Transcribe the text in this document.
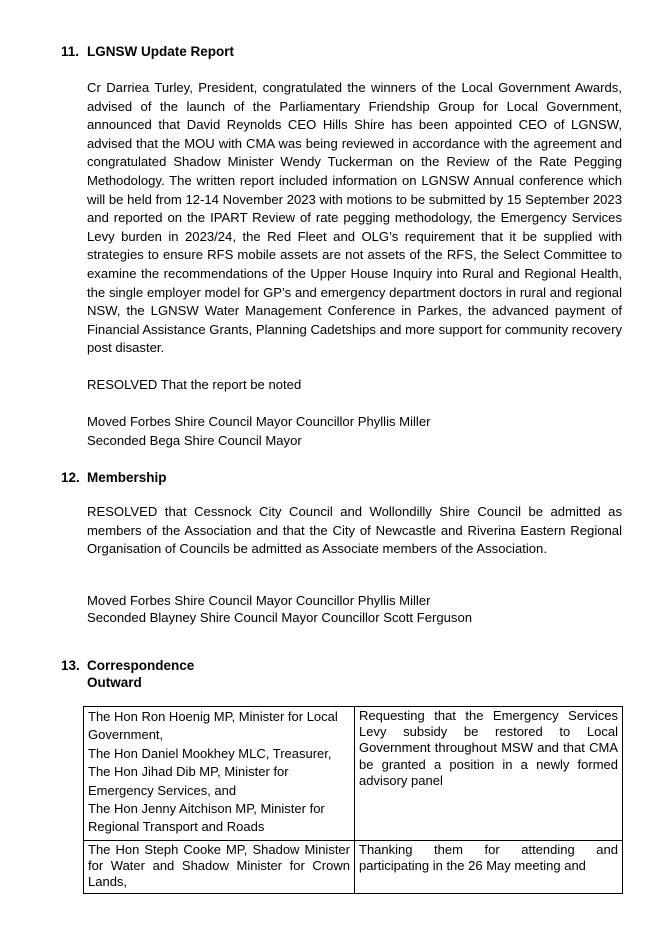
11. LGNSW Update Report

Cr Darriea Turley, President, congratulated the winners of the Local Government Awards, advised of the launch of the Parliamentary Friendship Group for Local Government, announced that David Reynolds CEO Hills Shire has been appointed CEO of LGNSW, advised that the MOU with CMA was being reviewed in accordance with the agreement and congratulated Shadow Minister Wendy Tuckerman on the Review of the Rate Pegging Methodology. The written report included information on LGNSW Annual conference which will be held from 12-14 November 2023 with motions to be submitted by 15 September 2023 and reported on the IPART Review of rate pegging methodology, the Emergency Services Levy burden in 2023/24, the Red Fleet and OLG’s requirement that it be supplied with strategies to ensure RFS mobile assets are not assets of the RFS, the Select Committee to examine the recommendations of the Upper House Inquiry into Rural and Regional Health, the single employer model for GP’s and emergency department doctors in rural and regional NSW, the LGNSW Water Management Conference in Parkes, the advanced payment of Financial Assistance Grants, Planning Cadetships and more support for community recovery post disaster.

RESOLVED That the report be noted
Moved Forbes Shire Council Mayor Councillor Phyllis Miller
Seconded Bega Shire Council Mayor
12. Membership

RESOLVED that Cessnock City Council and Wollondilly Shire Council be admitted as members of the Association and that the City of Newcastle and Riverina Eastern Regional Organisation of Councils be admitted as Associate members of the Association.

Moved Forbes Shire Council Mayor Councillor Phyllis Miller
Seconded Blayney Shire Council Mayor Councillor Scott Ferguson
13. Correspondence
Outward
The Hon Ron Hoenig MP, Minister for Local Government,
The Hon Daniel Mookhey MLC, Treasurer,
The Hon Jihad Dib MP, Minister for Emergency Services, and
The Hon Jenny Aitchison MP, Minister for Regional Transport and Roads	Requesting that the Emergency Services Levy subsidy be restored to Local Government throughout MSW and that CMA be granted a position in a newly formed advisory panel

The Hon Steph Cooke MP, Shadow Minister for Water and Shadow Minister for Crown Lands,	Thanking them for attending and participating in the 26 May meeting and
